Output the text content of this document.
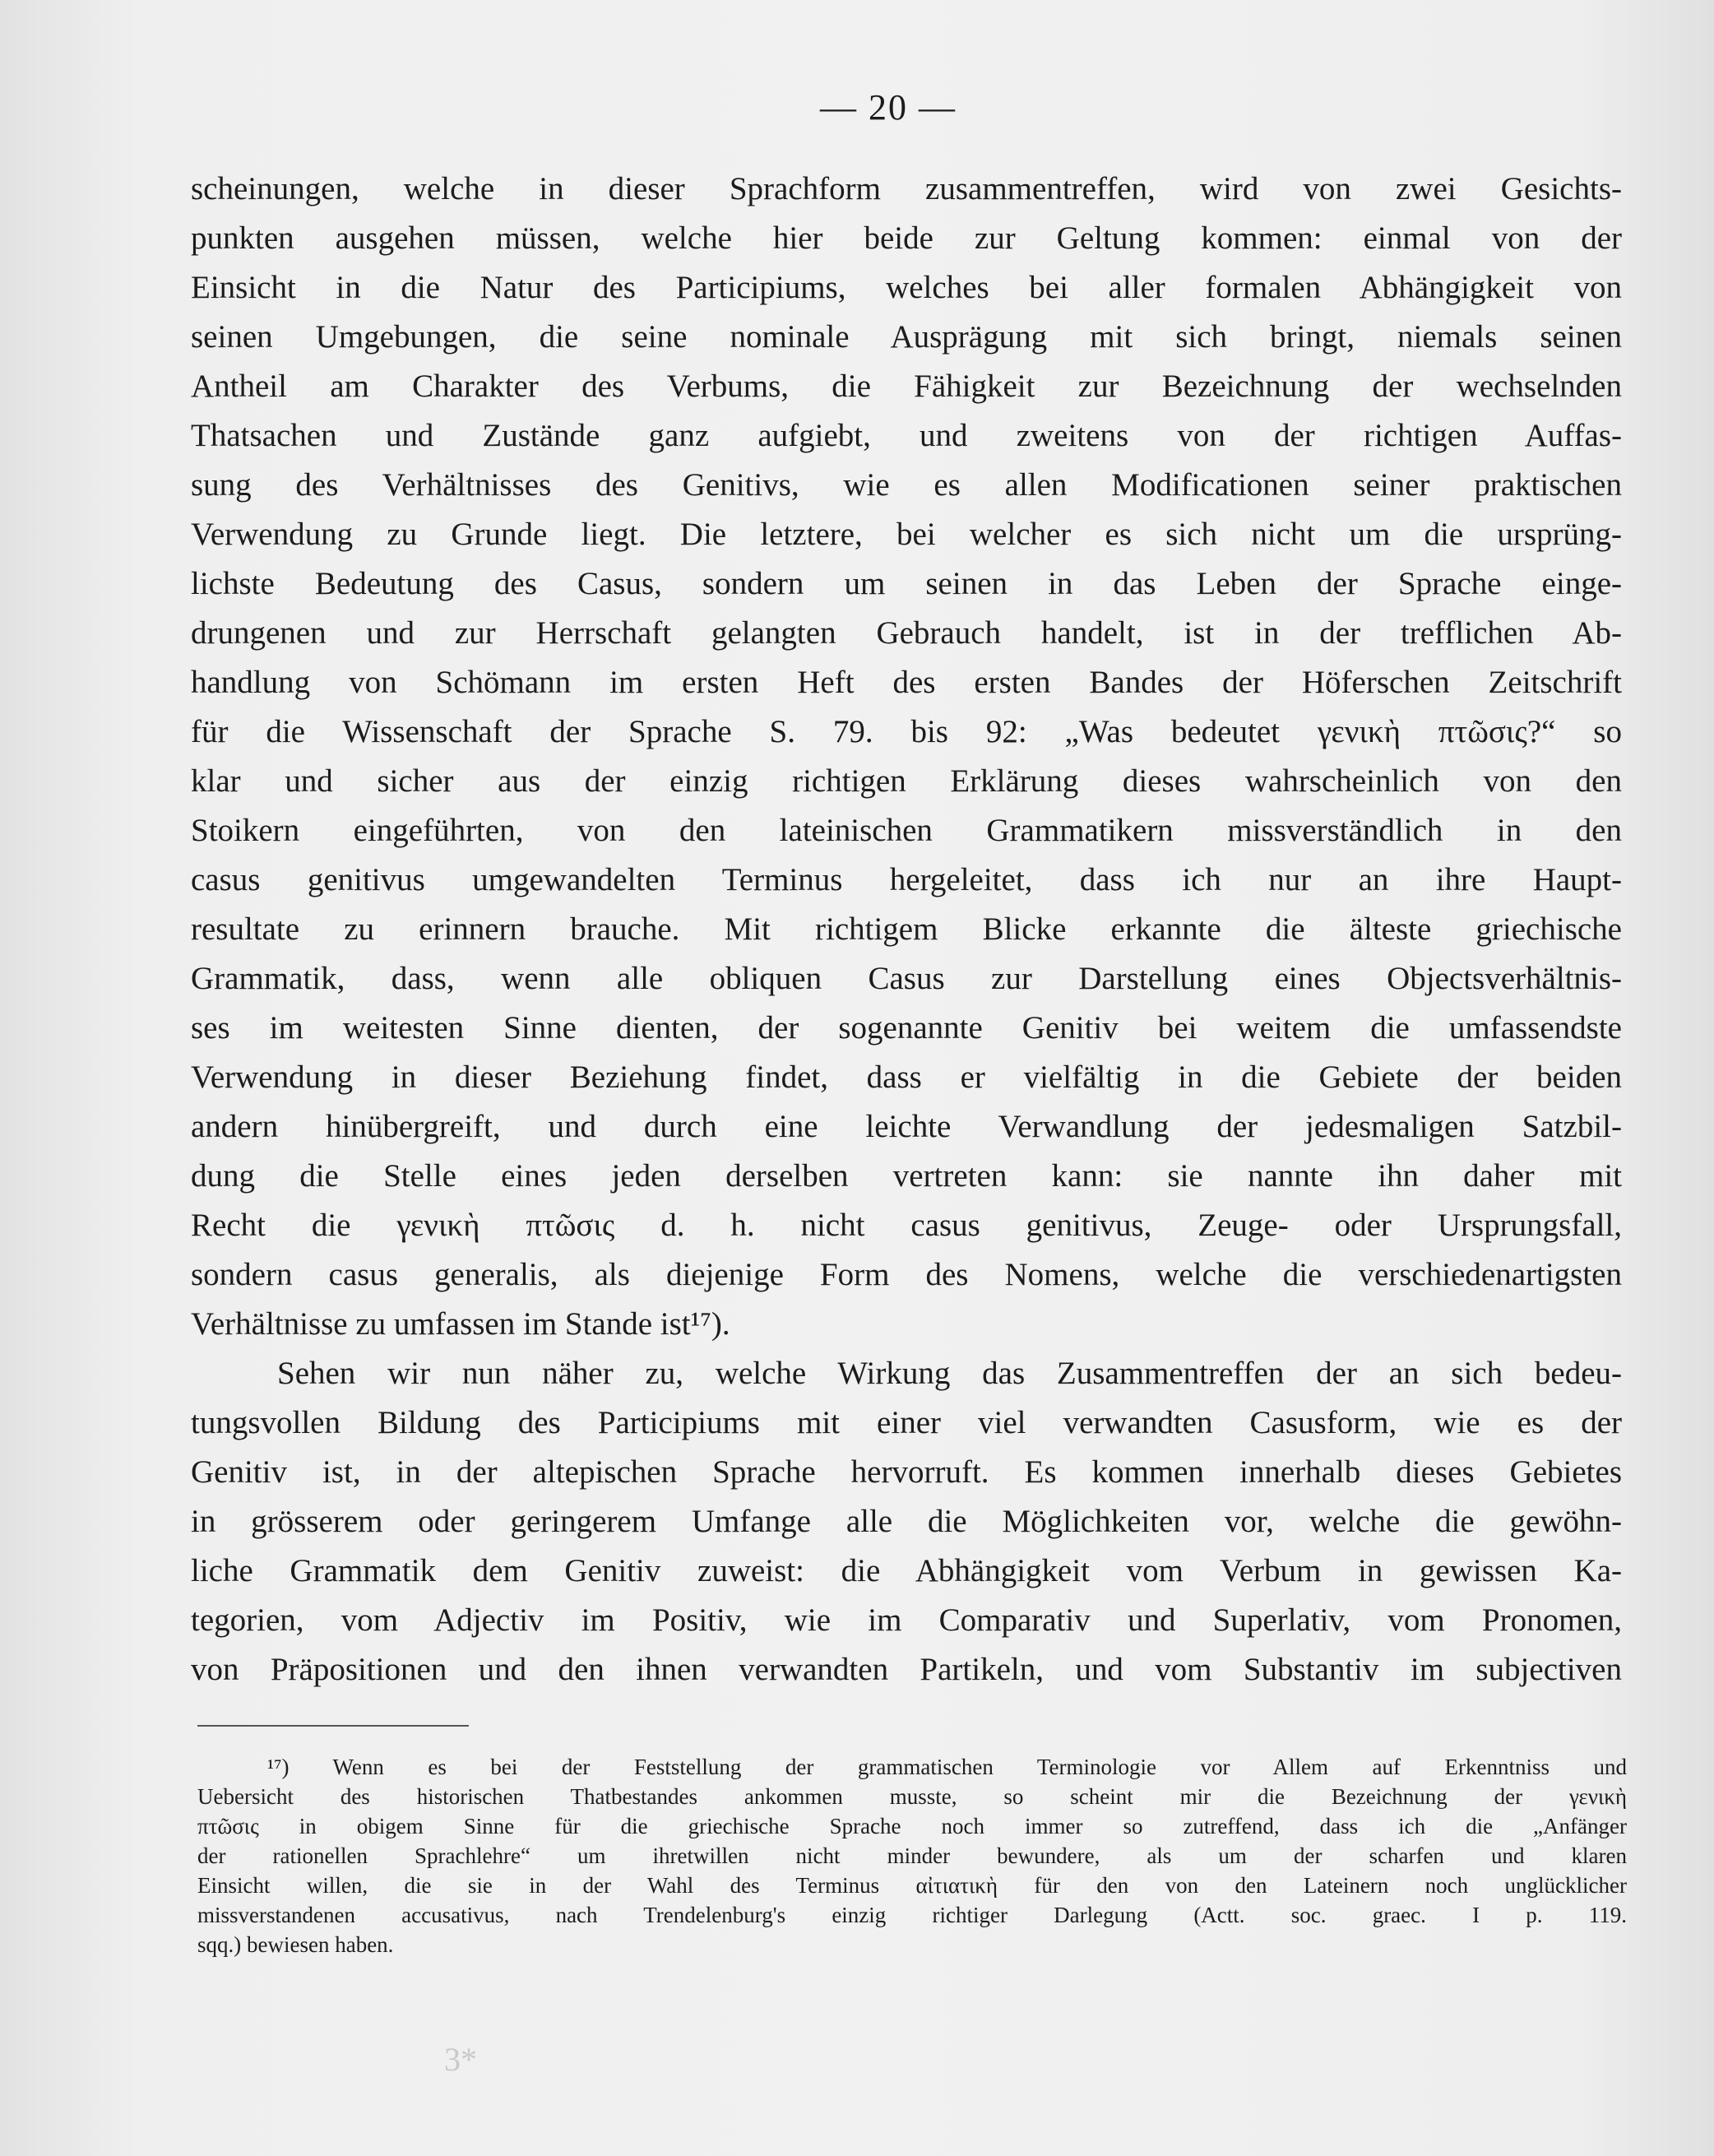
— 20 —
scheinungen, welche in dieser Sprachform zusammentreffen, wird von zwei Gesichts-
punkten ausgehen müssen, welche hier beide zur Geltung kommen: einmal von der
Einsicht in die Natur des Participiums, welches bei aller formalen Abhängigkeit von
seinen Umgebungen, die seine nominale Ausprägung mit sich bringt, niemals seinen
Antheil am Charakter des Verbums, die Fähigkeit zur Bezeichnung der wechselnden
Thatsachen und Zustände ganz aufgiebt, und zweitens von der richtigen Auffas-
sung des Verhältnisses des Genitivs, wie es allen Modificationen seiner praktischen
Verwendung zu Grunde liegt. Die letztere, bei welcher es sich nicht um die ursprüng-
lichste Bedeutung des Casus, sondern um seinen in das Leben der Sprache einge-
drungenen und zur Herrschaft gelangten Gebrauch handelt, ist in der trefflichen Ab-
handlung von Schömann im ersten Heft des ersten Bandes der Höferschen Zeitschrift
für die Wissenschaft der Sprache S. 79. bis 92: „Was bedeutet γενικὴ πτῶσις?“ so
klar und sicher aus der einzig richtigen Erklärung dieses wahrscheinlich von den
Stoikern eingeführten, von den lateinischen Grammatikern missverständlich in den
casus genitivus umgewandelten Terminus hergeleitet, dass ich nur an ihre Haupt-
resultate zu erinnern brauche. Mit richtigem Blicke erkannte die älteste griechische
Grammatik, dass, wenn alle obliquen Casus zur Darstellung eines Objectsverhältnis-
ses im weitesten Sinne dienten, der sogenannte Genitiv bei weitem die umfassendste
Verwendung in dieser Beziehung findet, dass er vielfältig in die Gebiete der beiden
andern hinübergreift, und durch eine leichte Verwandlung der jedesmaligen Satzbil-
dung die Stelle eines jeden derselben vertreten kann: sie nannte ihn daher mit
Recht die γενικὴ πτῶσις d. h. nicht casus genitivus, Zeuge- oder Ursprungsfall,
sondern casus generalis, als diejenige Form des Nomens, welche die verschiedenartigsten
Verhältnisse zu umfassen im Stande ist¹⁷).
Sehen wir nun näher zu, welche Wirkung das Zusammentreffen der an sich bedeu-
tungsvollen Bildung des Participiums mit einer viel verwandten Casusform, wie es der
Genitiv ist, in der altepischen Sprache hervorruft. Es kommen innerhalb dieses Gebietes
in grösserem oder geringerem Umfange alle die Möglichkeiten vor, welche die gewöhn-
liche Grammatik dem Genitiv zuweist: die Abhängigkeit vom Verbum in gewissen Ka-
tegorien, vom Adjectiv im Positiv, wie im Comparativ und Superlativ, vom Pronomen,
von Präpositionen und den ihnen verwandten Partikeln, und vom Substantiv im subjectiven
¹⁷) Wenn es bei der Feststellung der grammatischen Terminologie vor Allem auf Erkenntniss und
Uebersicht des historischen Thatbestandes ankommen musste, so scheint mir die Bezeichnung der γενικὴ
πτῶσις in obigem Sinne für die griechische Sprache noch immer so zutreffend, dass ich die „Anfänger
der rationellen Sprachlehre“ um ihretwillen nicht minder bewundere, als um der scharfen und klaren
Einsicht willen, die sie in der Wahl des Terminus αἰτιατικὴ für den von den Lateinern noch unglücklicher
missverstandenen accusativus, nach Trendelenburg's einzig richtiger Darlegung (Actt. soc. graec. I p. 119.
sqq.) bewiesen haben.
3*
